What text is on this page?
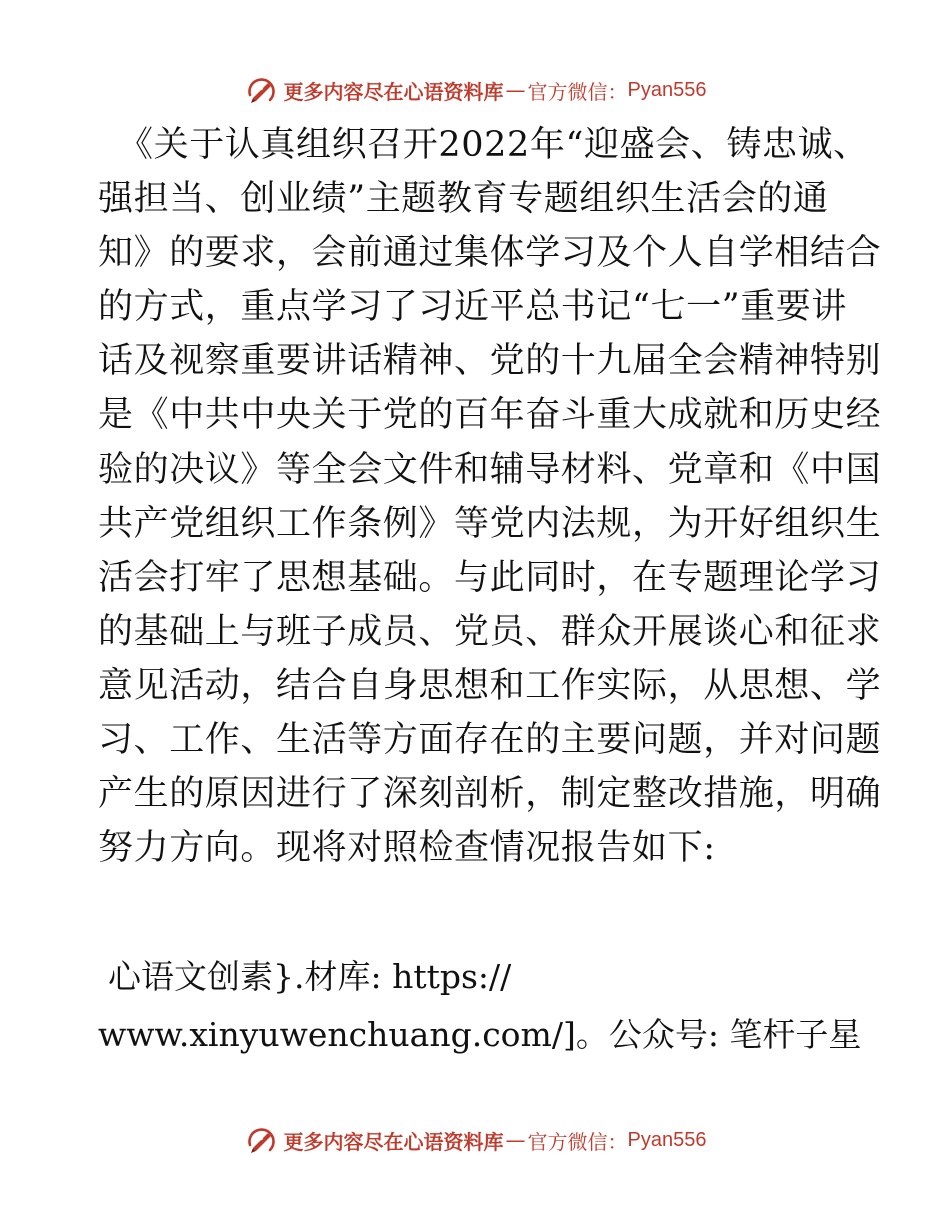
更多内容尽在心语资料库 — 官方微信： Pyan556
《关于认真组织召开2022年“迎盛会、铸忠诚、
强担当、创业绩”主题教育专题组织生活会的通
知》的要求，会前通过集体学习及个人自学相结合
的方式，重点学习了习近平总书记“七一”重要讲
话及视察重要讲话精神、党的十九届全会精神特别
是《中共中央关于党的百年奋斗重大成就和历史经
验的决议》等全会文件和辅导材料、党章和《中国
共产党组织工作条例》等党内法规，为开好组织生
活会打牢了思想基础。与此同时，在专题理论学习
的基础上与班子成员、党员、群众开展谈心和征求
意见活动，结合自身思想和工作实际，从思想、学
习、工作、生活等方面存在的主要问题，并对问题
产生的原因进行了深刻剖析，制定整改措施，明确
努力方向。现将对照检查情况报告如下:
心语文创素}.材库: https://
www.xinyuwenchuang.com/]。公众号: 笔杆子星
更多内容尽在心语资料库 — 官方微信： Pyan556
